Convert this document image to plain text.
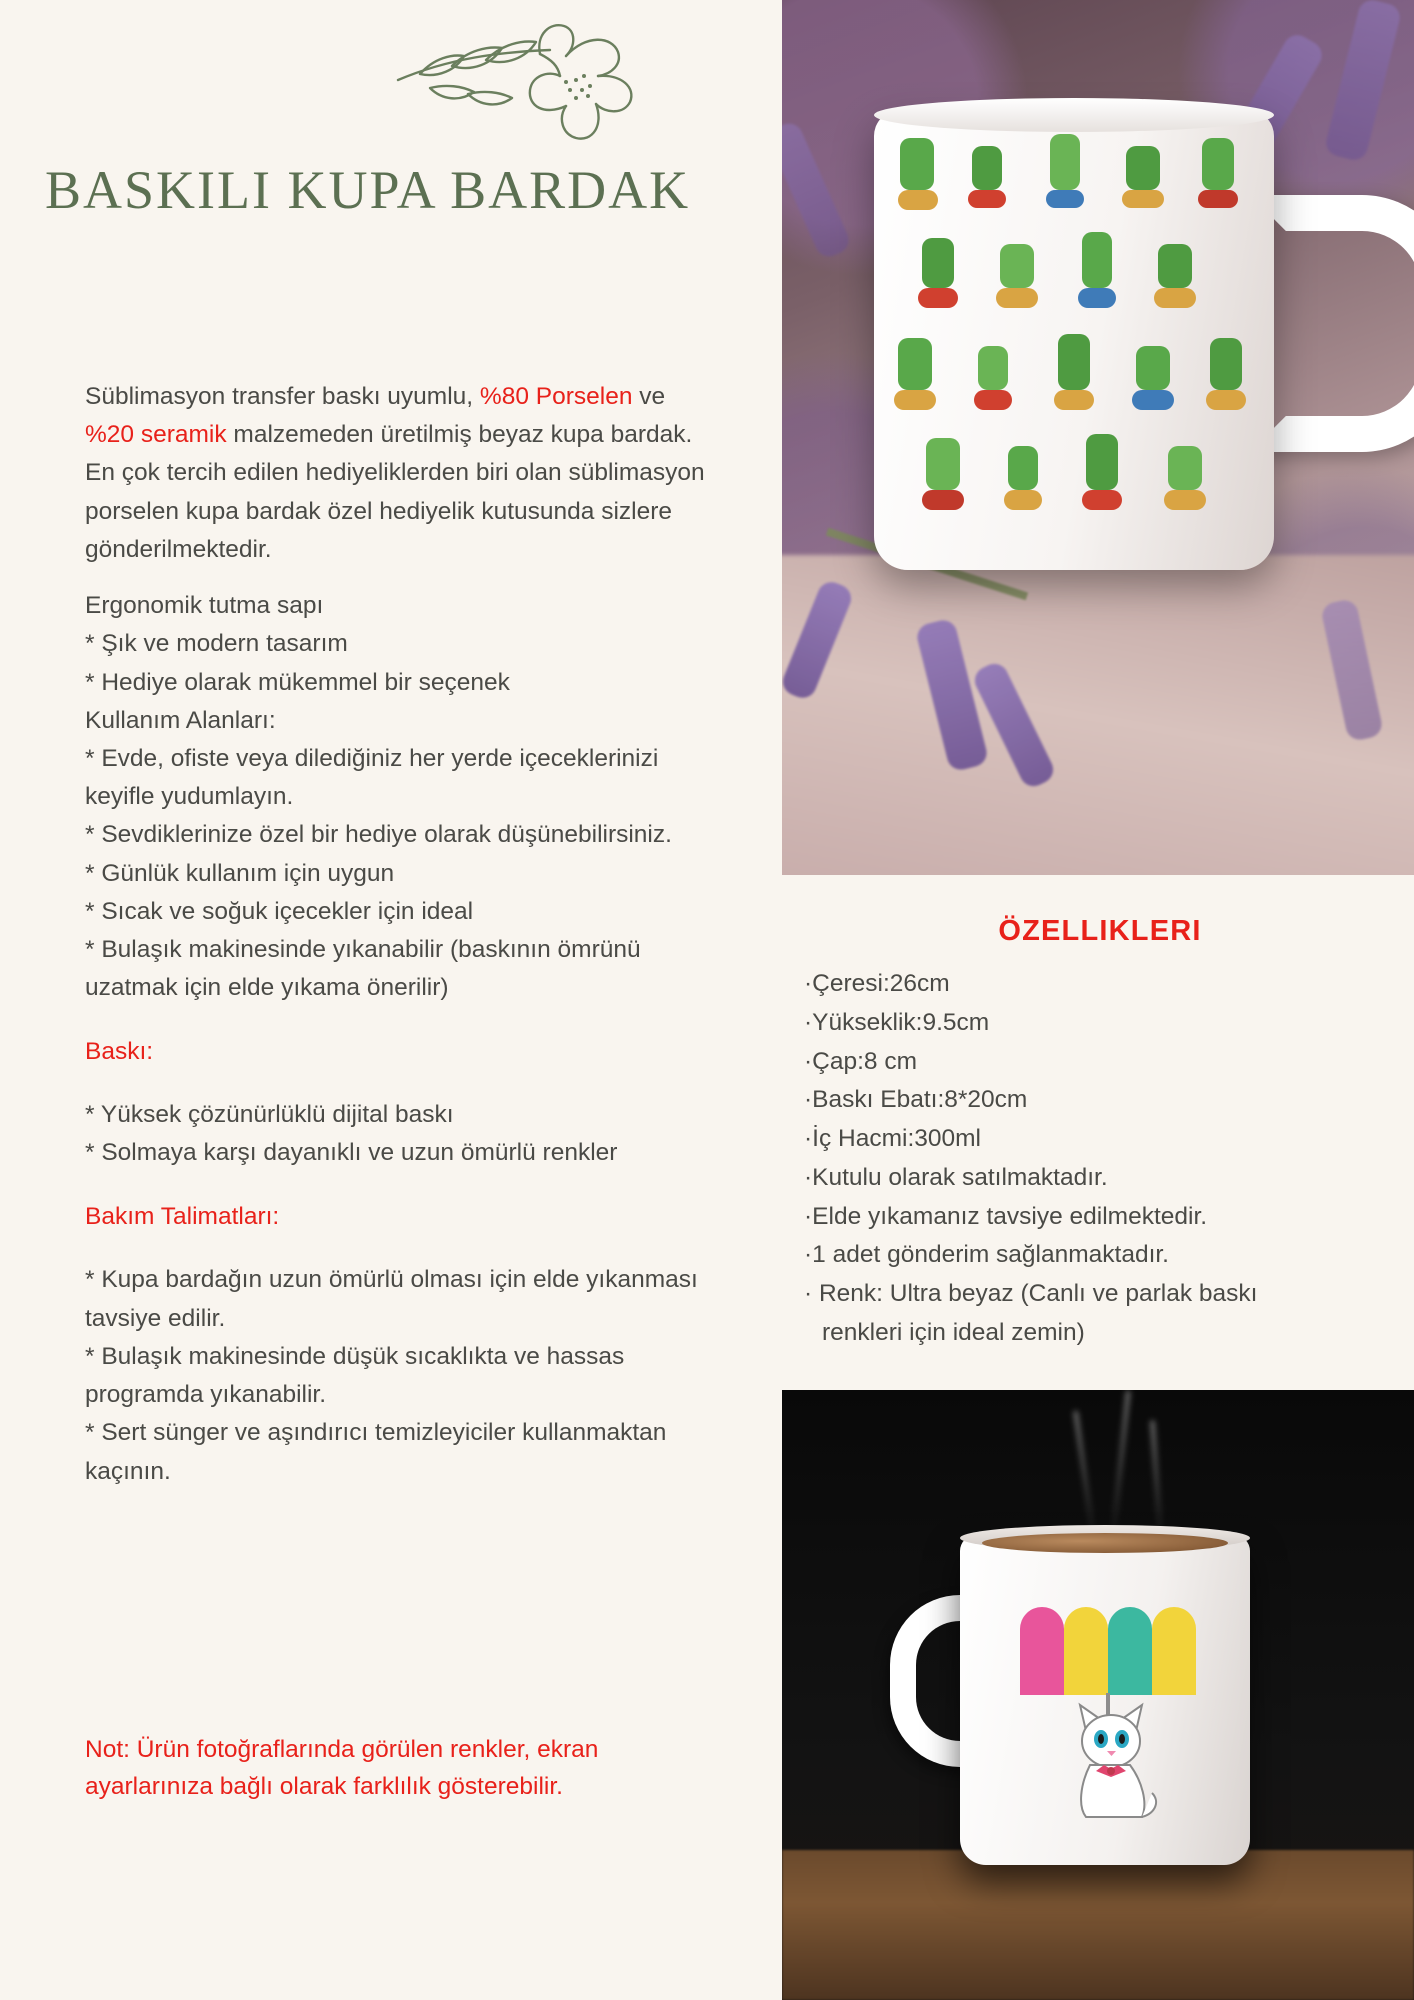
BASKILI KUPA BARDAK

Süblimasyon transfer baskı uyumlu, %80 Porselen ve %20 seramik malzemeden üretilmiş beyaz kupa bardak. En çok tercih edilen hediyeliklerden biri olan süblimasyon porselen kupa bardak özel hediyelik kutusunda sizlere gönderilmektedir.

Ergonomik tutma sapı

* Şık ve modern tasarım

* Hediye olarak mükemmel bir seçenek

Kullanım Alanları:

* Evde, ofiste veya dilediğiniz her yerde içeceklerinizi keyifle yudumlayın.

* Sevdiklerinize özel bir hediye olarak düşünebilirsiniz.

* Günlük kullanım için uygun

* Sıcak ve soğuk içecekler için ideal

* Bulaşık makinesinde yıkanabilir (baskının ömrünü uzatmak için elde yıkama önerilir)

Baskı:

* Yüksek çözünürlüklü dijital baskı

* Solmaya karşı dayanıklı ve uzun ömürlü renkler

Bakım Talimatları:

* Kupa bardağın uzun ömürlü olması için elde yıkanması tavsiye edilir.

* Bulaşık makinesinde düşük sıcaklıkta ve hassas programda yıkanabilir.

* Sert sünger ve aşındırıcı temizleyiciler kullanmaktan kaçının.

Not: Ürün fotoğraflarında görülen renkler, ekran ayarlarınıza bağlı olarak farklılık gösterebilir.
ÖZELLIKLERI
·Çeresi:26cm
·Yükseklik:9.5cm
·Çap:8 cm
·Baskı Ebatı:8*20cm
·İç Hacmi:300ml
·Kutulu olarak satılmaktadır.
·Elde yıkamanız tavsiye edilmektedir.
·1 adet gönderim sağlanmaktadır.
· Renk: Ultra beyaz (Canlı ve parlak baskı
renkleri için ideal zemin)
